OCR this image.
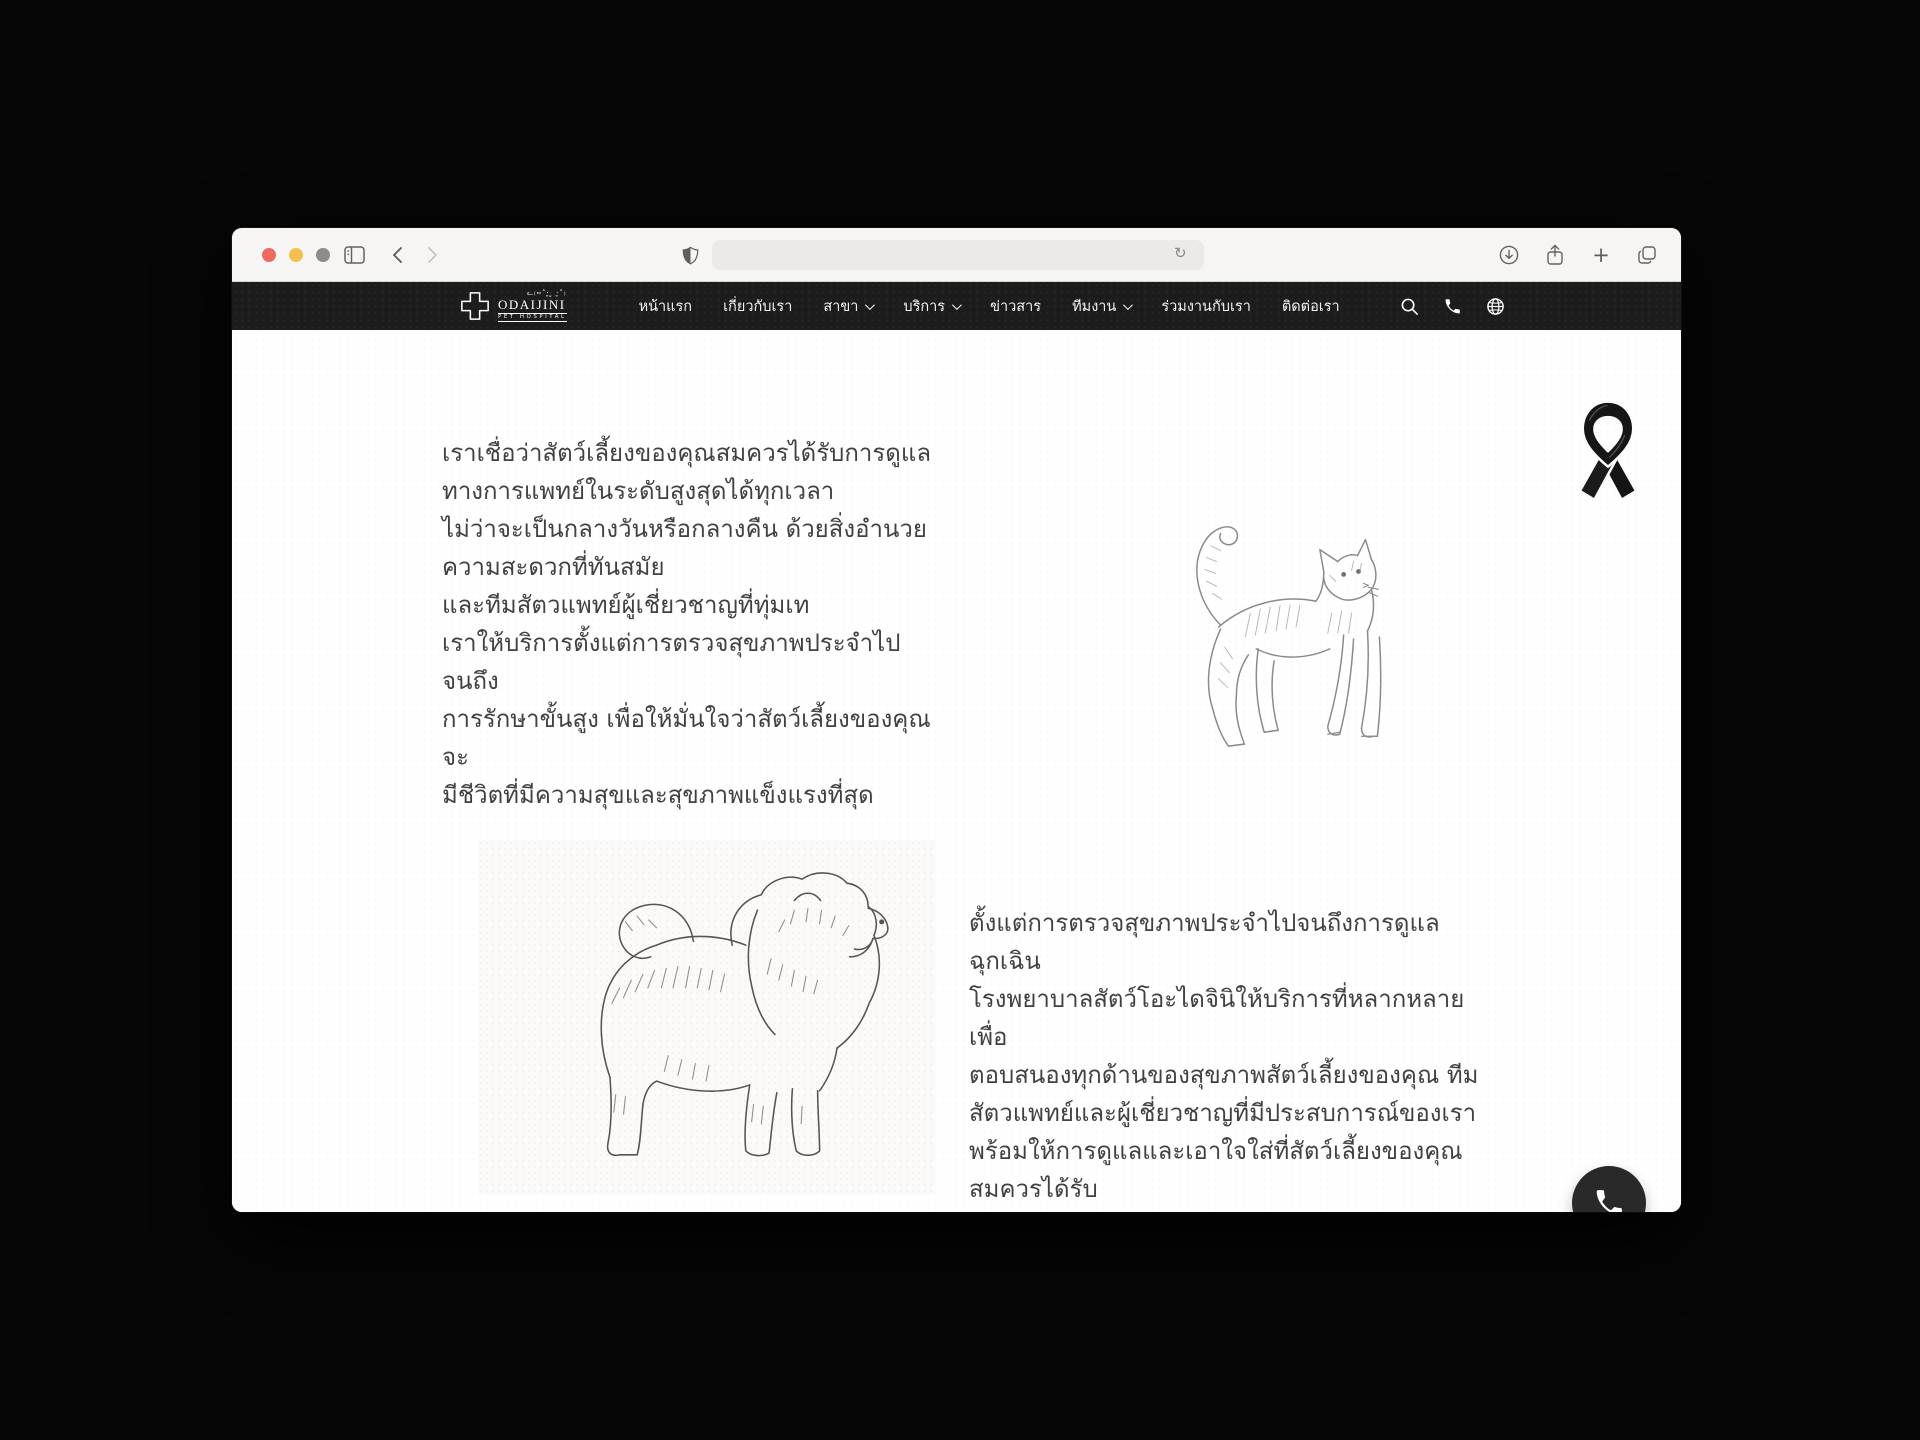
↻	+
ᓚ₍⑅˄·͈ ̫ ·͈˄₎
ODAIJINI
PET HOSPITAL
หน้าแรก เกี่ยวกับเรา สาขา	บริการ	ข่าวสาร ทีมงาน	ร่วมงานกับเรา ติดต่อเรา
เราเชื่อว่าสัตว์เลี้ยงของคุณสมควรได้รับการดูแล
ทางการแพทย์ในระดับสูงสุดได้ทุกเวลา
ไม่ว่าจะเป็นกลางวันหรือกลางคืน ด้วยสิ่งอำนวย
ความสะดวกที่ทันสมัย
และทีมสัตวแพทย์ผู้เชี่ยวชาญที่ทุ่มเท
เราให้บริการตั้งแต่การตรวจสุขภาพประจำไปจนถึง
การรักษาขั้นสูง เพื่อให้มั่นใจว่าสัตว์เลี้ยงของคุณจะ
มีชีวิตที่มีความสุขและสุขภาพแข็งแรงที่สุด
ตั้งแต่การตรวจสุขภาพประจำไปจนถึงการดูแลฉุกเฉิน
โรงพยาบาลสัตว์โอะไดจินิให้บริการที่หลากหลายเพื่อ
ตอบสนองทุกด้านของสุขภาพสัตว์เลี้ยงของคุณ ทีม
สัตวแพทย์และผู้เชี่ยวชาญที่มีประสบการณ์ของเรา
พร้อมให้การดูแลและเอาใจใส่ที่สัตว์เลี้ยงของคุณ
สมควรได้รับ
